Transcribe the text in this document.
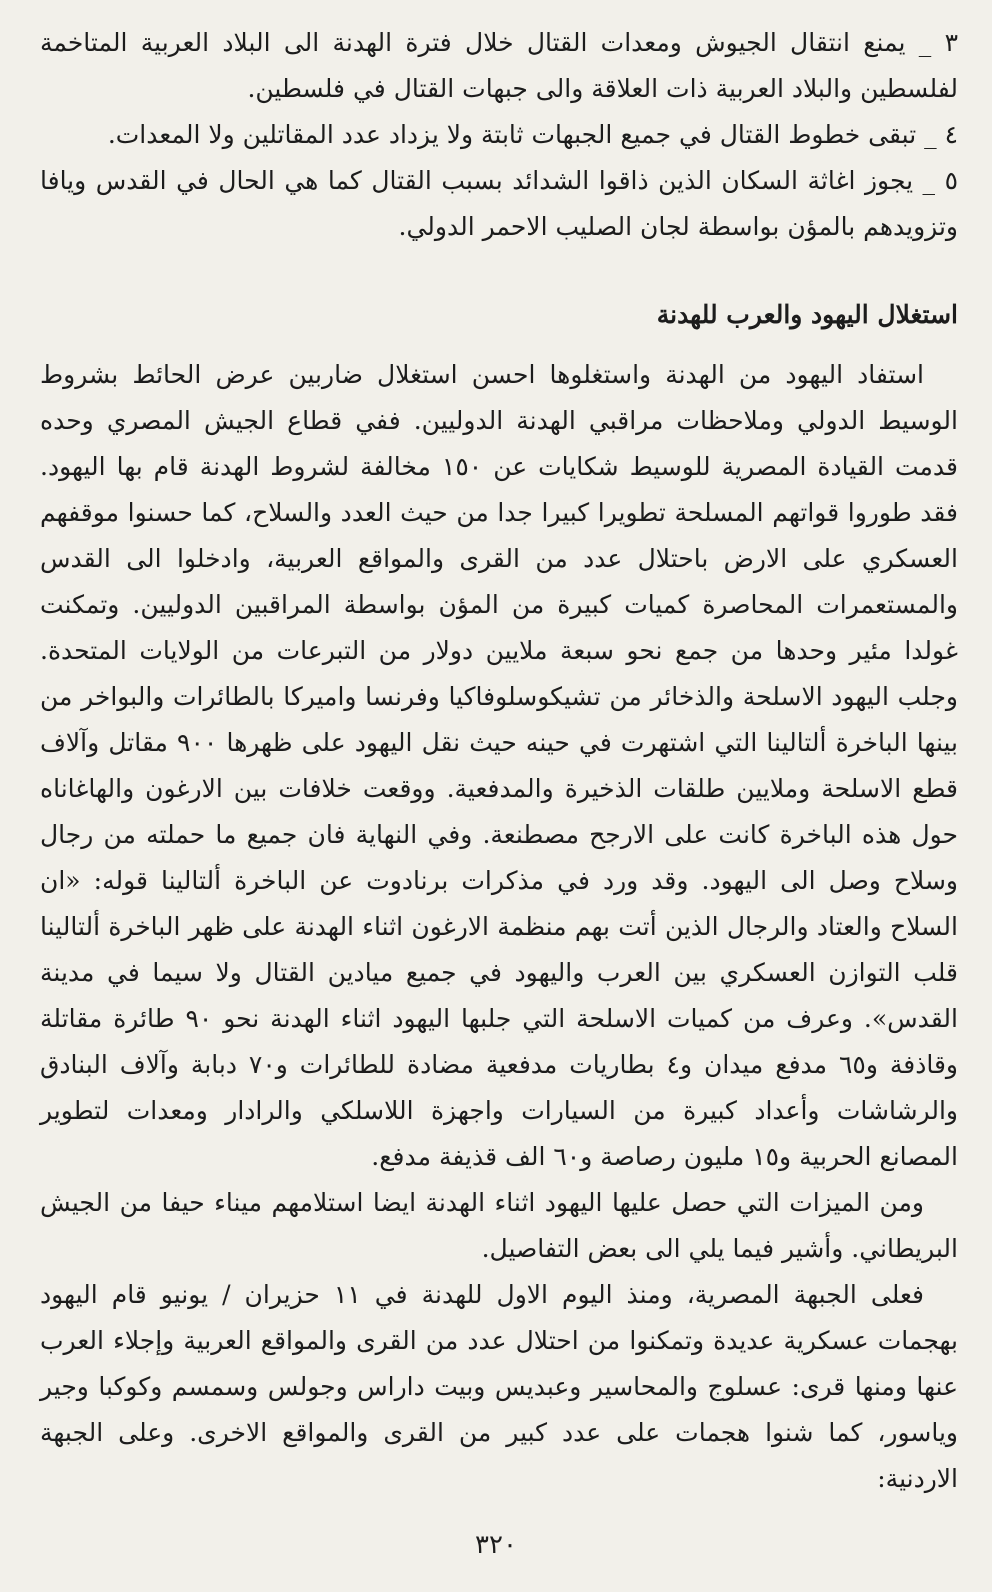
٣ _ يمنع انتقال الجيوش ومعدات القتال خلال فترة الهدنة الى البلاد العربية المتاخمة لفلسطين والبلاد العربية ذات العلاقة والى جبهات القتال في فلسطين.

٤ _ تبقى خطوط القتال في جميع الجبهات ثابتة ولا يزداد عدد المقاتلين ولا المعدات.

٥ _ يجوز اغاثة السكان الذين ذاقوا الشدائد بسبب القتال كما هي الحال في القدس ويافا وتزويدهم بالمؤن بواسطة لجان الصليب الاحمر الدولي.

استغلال اليهود والعرب للهدنة

استفاد اليهود من الهدنة واستغلوها احسن استغلال ضاربين عرض الحائط بشروط الوسيط الدولي وملاحظات مراقبي الهدنة الدوليين. ففي قطاع الجيش المصري وحده قدمت القيادة المصرية للوسيط شكايات عن ١٥٠ مخالفة لشروط الهدنة قام بها اليهود. فقد طوروا قواتهم المسلحة تطويرا كبيرا جدا من حيث العدد والسلاح، كما حسنوا موقفهم العسكري على الارض باحتلال عدد من القرى والمواقع العربية، وادخلوا الى القدس والمستعمرات المحاصرة كميات كبيرة من المؤن بواسطة المراقبين الدوليين. وتمكنت غولدا مئير وحدها من جمع نحو سبعة ملايين دولار من التبرعات من الولايات المتحدة. وجلب اليهود الاسلحة والذخائر من تشيكوسلوفاكيا وفرنسا واميركا بالطائرات والبواخر من بينها الباخرة ألتالينا التي اشتهرت في حينه حيث نقل اليهود على ظهرها ٩٠٠ مقاتل وآلاف قطع الاسلحة وملايين طلقات الذخيرة والمدفعية. ووقعت خلافات بين الارغون والهاغاناه حول هذه الباخرة كانت على الارجح مصطنعة. وفي النهاية فان جميع ما حملته من رجال وسلاح وصل الى اليهود. وقد ورد في مذكرات برنادوت عن الباخرة ألتالينا قوله: «ان السلاح والعتاد والرجال الذين أتت بهم منظمة الارغون اثناء الهدنة على ظهر الباخرة ألتالينا قلب التوازن العسكري بين العرب واليهود في جميع ميادين القتال ولا سيما في مدينة القدس». وعرف من كميات الاسلحة التي جلبها اليهود اثناء الهدنة نحو ٩٠ طائرة مقاتلة وقاذفة و٦٥ مدفع ميدان و٤ بطاريات مدفعية مضادة للطائرات و٧٠ دبابة وآلاف البنادق والرشاشات وأعداد كبيرة من السيارات واجهزة اللاسلكي والرادار ومعدات لتطوير المصانع الحربية و١٥ مليون رصاصة و٦٠ الف قذيفة مدفع.

ومن الميزات التي حصل عليها اليهود اثناء الهدنة ايضا استلامهم ميناء حيفا من الجيش البريطاني. وأشير فيما يلي الى بعض التفاصيل.

فعلى الجبهة المصرية، ومنذ اليوم الاول للهدنة في ١١ حزيران / يونيو قام اليهود بهجمات عسكرية عديدة وتمكنوا من احتلال عدد من القرى والمواقع العربية وإجلاء العرب عنها ومنها قرى: عسلوج والمحاسير وعبديس وبيت داراس وجولس وسمسم وكوكبا وجير وياسور، كما شنوا هجمات على عدد كبير من القرى والمواقع الاخرى. وعلى الجبهة الاردنية:

٣٢٠
